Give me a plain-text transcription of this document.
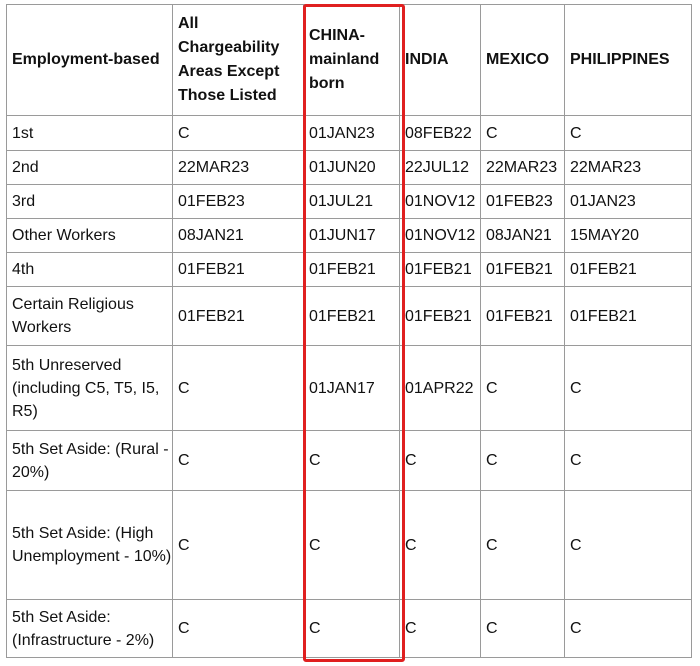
Employment-based	All Chargeability Areas Except Those Listed	CHINA-mainland born	INDIA	MEXICO	PHILIPPINES
1st	C	01JAN23	08FEB22	C	C
2nd	22MAR23	01JUN20	22JUL12	22MAR23	22MAR23
3rd	01FEB23	01JUL21	01NOV12	01FEB23	01JAN23
Other Workers	08JAN21	01JUN17	01NOV12	08JAN21	15MAY20
4th	01FEB21	01FEB21	01FEB21	01FEB21	01FEB21
Certain Religious Workers	01FEB21	01FEB21	01FEB21	01FEB21	01FEB21
5th Unreserved (including C5, T5, I5, R5)	C	01JAN17	01APR22	C	C
5th Set Aside: (Rural - 20%)	C	C	C	C	C
5th Set Aside: (High Unemployment - 10%)	C	C	C	C	C
5th Set Aside: (Infrastructure - 2%)	C	C	C	C	C
